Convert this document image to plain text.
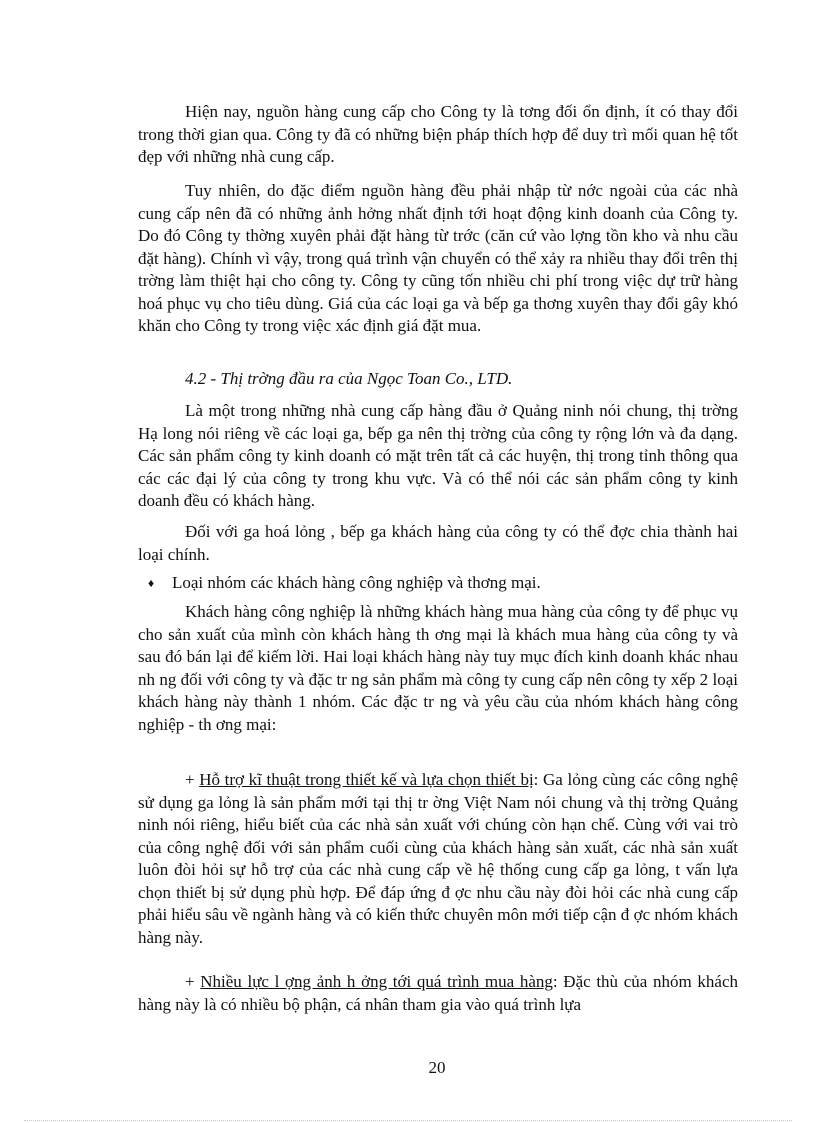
Hiện nay, nguồn hàng cung cấp cho Công ty là tơng đối ổn định, ít có thay đổi trong thời gian qua. Công ty đã có những biện pháp thích hợp để duy trì mối quan hệ tốt đẹp với những nhà cung cấp.

Tuy nhiên, do đặc điểm nguồn hàng đều phải nhập từ nớc ngoài của các nhà cung cấp nên đã có những ảnh hởng nhất định tới hoạt động kinh doanh của Công ty. Do đó Công ty thờng xuyên phải đặt hàng từ trớc (căn cứ vào lợng tồn kho và nhu cầu đặt hàng). Chính vì vậy, trong quá trình vận chuyển có thể xảy ra nhiều thay đổi trên thị trờng làm thiệt hại cho công ty. Công ty cũng tốn nhiều chi phí trong việc dự trữ hàng hoá phục vụ cho tiêu dùng. Giá của các loại ga và bếp ga thơng xuyên thay đổi gây khó khăn cho Công ty trong việc xác định giá đặt mua.

4.2 - Thị trờng đầu ra của Ngọc Toan Co., LTD.

Là một trong những nhà cung cấp hàng đầu ở Quảng ninh nói chung, thị trờng Hạ long nói riêng về các loại ga, bếp ga nên thị trờng của công ty rộng lớn và đa dạng. Các sản phẩm công ty kinh doanh có mặt trên tất cả các huyện, thị trong tỉnh thông qua các các đại lý của công ty trong khu vực. Và có thể nói các sản phẩm công ty kinh doanh đều có khách hàng.

Đối với ga hoá lỏng , bếp ga khách hàng của công ty có thể đợc chia thành hai loại chính.

♦ Loại nhóm các khách hàng công nghiệp và thơng mại.

Khách hàng công nghiệp là những khách hàng mua hàng của công ty để phục vụ cho sản xuất của mình còn khách hàng th ơng mại là khách mua hàng của công ty và sau đó bán lại để kiếm lời. Hai loại khách hàng này tuy mục đích kinh doanh khác nhau nh ng đối với công ty và đặc tr ng sản phẩm mà công ty cung cấp nên công ty xếp 2 loại khách hàng này thành 1 nhóm. Các đặc tr ng và yêu cầu của nhóm khách hàng công nghiệp - th ơng mại:

+ Hỗ trợ kĩ thuật trong thiết kế và lựa chọn thiết bị: Ga lỏng cùng các công nghệ sử dụng ga lỏng là sản phẩm mới tại thị tr ờng Việt Nam nói chung và thị trờng Quảng ninh nói riêng, hiểu biết của các nhà sản xuất với chúng còn hạn chế. Cùng với vai trò của công nghệ đối với sản phẩm cuối cùng của khách hàng sản xuất, các nhà sản xuất luôn đòi hỏi sự hỗ trợ của các nhà cung cấp về hệ thống cung cấp ga lỏng, t vấn lựa chọn thiết bị sử dụng phù hợp. Để đáp ứng đ ợc nhu cầu này đòi hỏi các nhà cung cấp phải hiểu sâu về ngành hàng và có kiến thức chuyên môn mới tiếp cận đ ợc nhóm khách hàng này.

+ Nhiều lực l ợng ảnh h ởng tới quá trình mua hàng: Đặc thù của nhóm khách hàng này là có nhiều bộ phận, cá nhân tham gia vào quá trình lựa

20
